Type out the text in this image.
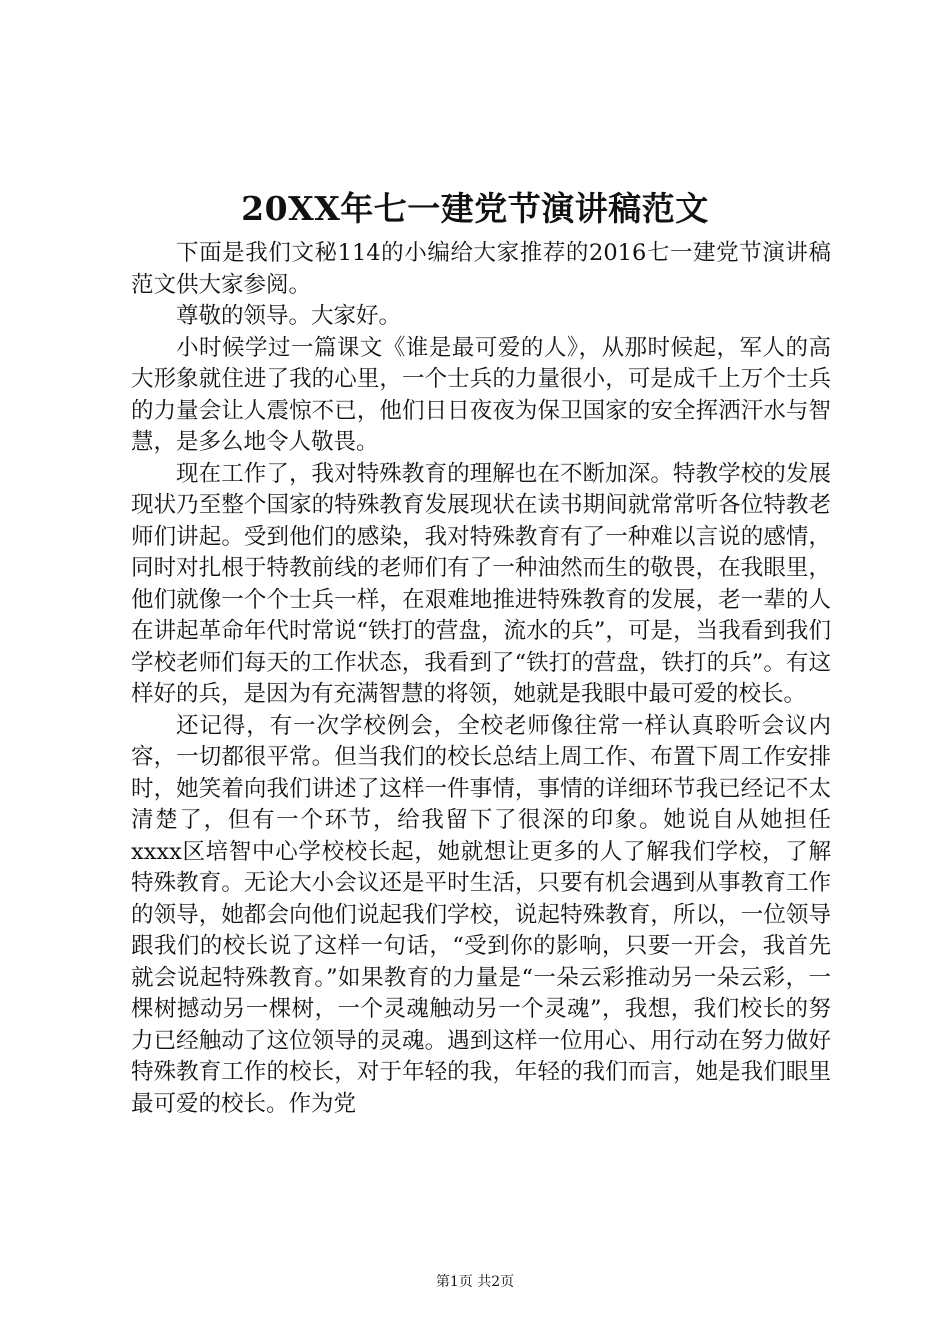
20XX年七一建党节演讲稿范文

下面是我们文秘114的小编给大家推荐的2016七一建党节演讲稿范文供大家参阅。

尊敬的领导。大家好。

小时候学过一篇课文《谁是最可爱的人》，从那时候起，军人的高大形象就住进了我的心里，一个士兵的力量很小，可是成千上万个士兵的力量会让人震惊不已，他们日日夜夜为保卫国家的安全挥洒汗水与智慧，是多么地令人敬畏。

现在工作了，我对特殊教育的理解也在不断加深。特教学校的发展现状乃至整个国家的特殊教育发展现状在读书期间就常常听各位特教老师们讲起。受到他们的感染，我对特殊教育有了一种难以言说的感情，同时对扎根于特教前线的老师们有了一种油然而生的敬畏，在我眼里，他们就像一个个士兵一样，在艰难地推进特殊教育的发展，老一辈的人在讲起革命年代时常说“铁打的营盘，流水的兵”，可是，当我看到我们学校老师们每天的工作状态，我看到了“铁打的营盘，铁打的兵”。有这样好的兵，是因为有充满智慧的将领，她就是我眼中最可爱的校长。

还记得，有一次学校例会，全校老师像往常一样认真聆听会议内容，一切都很平常。但当我们的校长总结上周工作、布置下周工作安排时，她笑着向我们讲述了这样一件事情，事情的详细环节我已经记不太清楚了，但有一个环节，给我留下了很深的印象。她说自从她担任xxxx区培智中心学校校长起，她就想让更多的人了解我们学校，了解特殊教育。无论大小会议还是平时生活，只要有机会遇到从事教育工作的领导，她都会向他们说起我们学校，说起特殊教育，所以，一位领导跟我们的校长说了这样一句话，“受到你的影响，只要一开会，我首先就会说起特殊教育。”如果教育的力量是“一朵云彩推动另一朵云彩，一棵树撼动另一棵树，一个灵魂触动另一个灵魂”，我想，我们校长的努力已经触动了这位领导的灵魂。遇到这样一位用心、用行动在努力做好特殊教育工作的校长，对于年轻的我，年轻的我们而言，她是我们眼里最可爱的校长。作为党

第1页 共2页
